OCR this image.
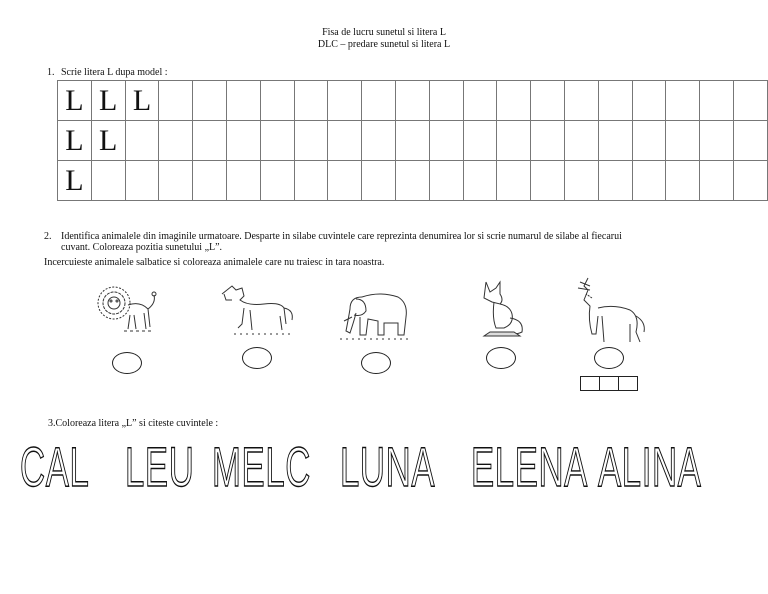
Fisa de lucru sunetul si litera L
DLC – predare sunetul si litera L
1. Scrie litera L dupa model :
L	L	L																		
L	L																			
L																				
2. Identifica animalele din imaginile urmatoare. Desparte in silabe cuvintele care reprezinta denumirea lor si scrie numarul de silabe al fiecarui
cuvant. Coloreaza pozitia sunetului „L”.
Incercuieste animalele salbatice si coloreaza animalele care nu traiesc in tara noastra.
3.Coloreaza litera „L” si citeste cuvintele :
CAL LEU MELC LUNA ELENA ALINA
